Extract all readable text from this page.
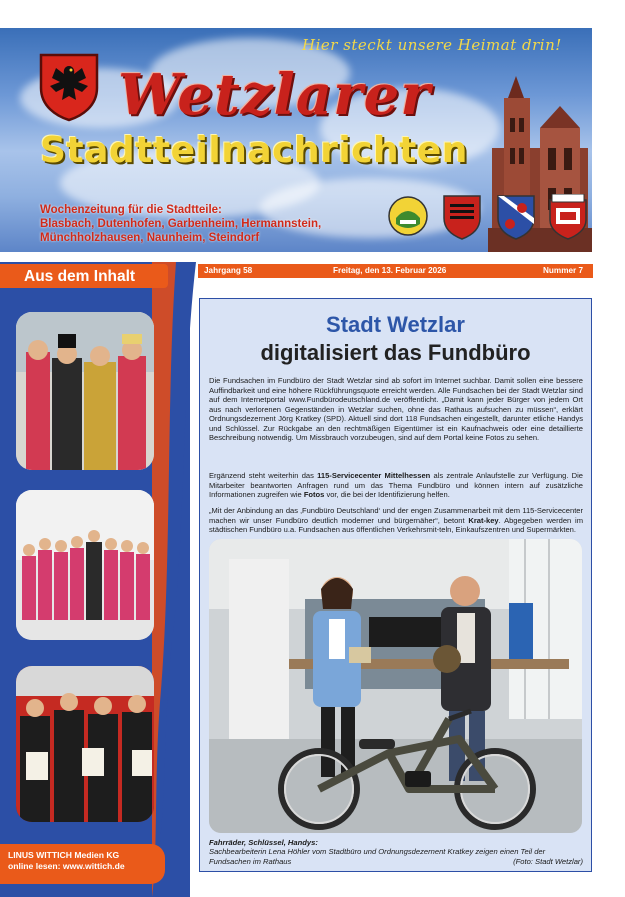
Hier steckt unsere Heimat drin!
Wetzlarer
Stadtteilnachrichten
Wochenzeitung für die Stadtteile:
Blasbach, Dutenhofen, Garbenheim, Hermannstein,
Münchholzhausen, Naunheim, Steindorf
Aus dem Inhalt
LINUS WITTICH Medien KG
online lesen: www.wittich.de
Jahrgang 58	Freitag, den 13. Februar 2026	Nummer 7
Stadt Wetzlar
digitalisiert das Fundbüro
Die Fundsachen im Fundbüro der Stadt Wetzlar sind ab sofort im Internet suchbar. Damit sollen eine bessere Auffindbarkeit und eine höhere Rückführungsquote erreicht werden. Alle Fundsachen bei der Stadt Wetzlar sind auf dem Internetportal www.Fundbürodeutschland.de veröffentlicht. „Damit kann jeder Bürger von jedem Ort aus nach verlorenen Gegenständen in Wetzlar suchen, ohne das Rathaus aufsuchen zu müssen“, erklärt Ordnungsdezernent Jörg Kratkey (SPD). Aktuell sind dort 118 Fundsachen eingestellt, darunter etliche Handys und Schlüssel. Zur Rückgabe an den rechtmäßigen Eigentümer ist ein Kaufnachweis oder eine detaillierte Beschreibung notwendig. Um Missbrauch vorzubeugen, sind auf dem Portal keine Fotos zu sehen.
Ergänzend steht weiterhin das 115-Servicecenter Mittelhessen als zentrale Anlaufstelle zur Verfügung. Die Mitarbeiter beantworten Anfragen rund um das Thema Fundbüro und können intern auf zusätzliche Informationen zugreifen wie Fotos vor, die bei der Identifizierung helfen.
„Mit der Anbindung an das ‚Fundbüro Deutschland‘ und der engen Zusammenarbeit mit dem 115-Servicecenter machen wir unser Fundbüro deutlich moderner und bürgernäher“, betont Krat-key. Abgegeben werden im städtischen Fundbüro u.a. Fundsachen aus öffentlichen Verkehrsmit-teln, Einkaufszentren und Supermärkten.
Fahrräder, Schlüssel, Handys:
Sachbearbeiterin Lena Höhler vom Stadtbüro und Ordnungsdezernent Kratkey zeigen einen Teil der Fundsachen im Rathaus	(Foto: Stadt Wetzlar)
